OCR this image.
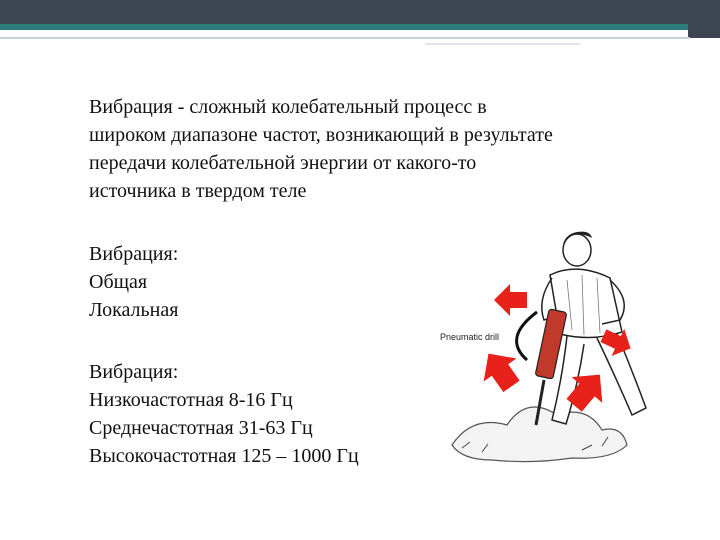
Вибрация - сложный колебательный процесс в
широком диапазоне частот, возникающий в результате
передачи колебательной энергии от какого-то
источника в твердом теле
Вибрация:
Общая
Локальная
Вибрация:
Низкочастотная 8-16 Гц
Среднечастотная 31-63 Гц
Высокочастотная 125 – 1000 Гц
Pneumatic drill
